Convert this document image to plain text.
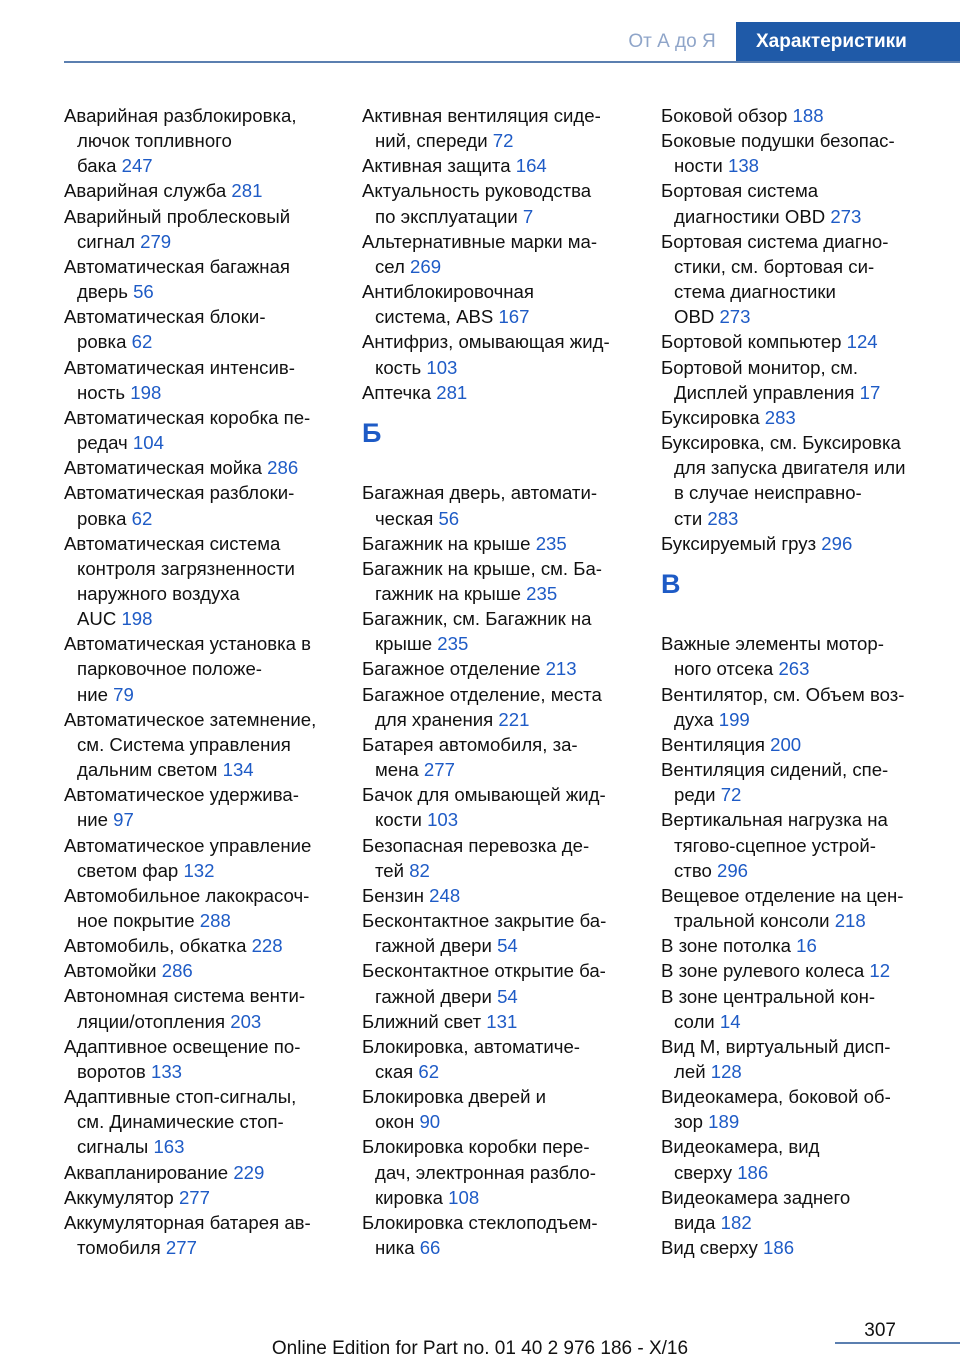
От А до Я	Характеристики
Аварийная разблокировка,
лючок топливного
бака 247
Аварийная служба 281
Аварийный проблесковый
сигнал 279
Автоматическая багажная
дверь 56
Автоматическая блоки‐
ровка 62
Автоматическая интенсив‐
ность 198
Автоматическая коробка пе‐
редач 104
Автоматическая мойка 286
Автоматическая разблоки‐
ровка 62
Автоматическая система
контроля загрязненности
наружного воздуха
AUC 198
Автоматическая установка в
парковочное положе‐
ние 79
Автоматическое затемнение,
см. Система управления
дальним светом 134
Автоматическое удержива‐
ние 97
Автоматическое управление
светом фар 132
Автомобильное лакокрасоч‐
ное покрытие 288
Автомобиль, обкатка 228
Автомойки 286
Автономная система венти‐
ляции/отопления 203
Адаптивное освещение по‐
воротов 133
Адаптивные стоп-сигналы,
см. Динамические стоп-
сигналы 163
Аквапланирование 229
Аккумулятор 277
Аккумуляторная батарея ав‐
томобиля 277
Активная вентиляция сиде‐
ний, спереди 72
Активная защита 164
Актуальность руководства
по эксплуатации 7
Альтернативные марки ма‐
сел 269
Антиблокировочная
система, ABS 167
Антифриз, омывающая жид‐
кость 103
Аптечка 281
Б
Багажная дверь, автомати‐
ческая 56
Багажник на крыше 235
Багажник на крыше, см. Ба‐
гажник на крыше 235
Багажник, см. Багажник на
крыше 235
Багажное отделение 213
Багажное отделение, места
для хранения 221
Батарея автомобиля, за‐
мена 277
Бачок для омывающей жид‐
кости 103
Безопасная перевозка де‐
тей 82
Бензин 248
Бесконтактное закрытие ба‐
гажной двери 54
Бесконтактное открытие ба‐
гажной двери 54
Ближний свет 131
Блокировка, автоматиче‐
ская 62
Блокировка дверей и
окон 90
Блокировка коробки пере‐
дач, электронная разбло‐
кировка 108
Блокировка стеклоподъем‐
ника 66
Боковой обзор 188
Боковые подушки безопас‐
ности 138
Бортовая система
диагностики OBD 273
Бортовая система диагно‐
стики, см. бортовая си‐
стема диагностики
OBD 273
Бортовой компьютер 124
Бортовой монитор, см.
Дисплей управления 17
Буксировка 283
Буксировка, см. Буксировка
для запуска двигателя или
в случае неисправно‐
сти 283
Буксируемый груз 296
В
Важные элементы мотор‐
ного отсека 263
Вентилятор, см. Объем воз‐
духа 199
Вентиляция 200
Вентиляция сидений, спе‐
реди 72
Вертикальная нагрузка на
тягово-сцепное устрой‐
ство 296
Вещевое отделение на цен‐
тральной консоли 218
В зоне потолка 16
В зоне рулевого колеса 12
В зоне центральной кон‐
соли 14
Вид M, виртуальный дисп‐
лей 128
Видеокамера, боковой об‐
зор 189
Видеокамера, вид
сверху 186
Видеокамера заднего
вида 182
Вид сверху 186
307
Online Edition for Part no. 01 40 2 976 186 - X/16
